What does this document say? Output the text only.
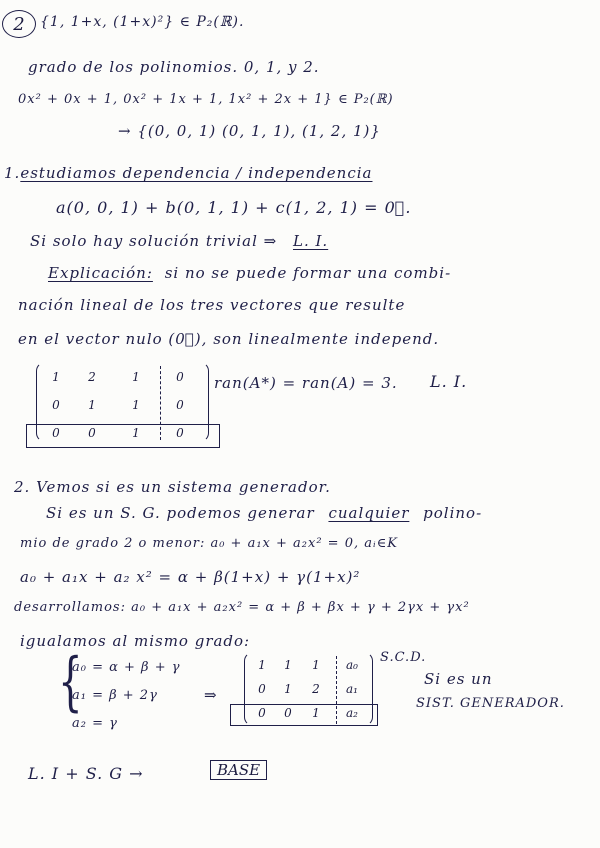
2	{1, 1+x, (1+x)²} ∈ P₂(ℝ).
grado de los polinomios. 0, 1, y 2.
0x² + 0x + 1, 0x² + 1x + 1, 1x² + 2x + 1} ∈ P₂(ℝ)
→ {(0, 0, 1) (0, 1, 1), (1, 2, 1)}
1.estudiamos dependencia / independencia
a(0, 0, 1) + b(0, 1, 1) + c(1, 2, 1) = 0⃗.
Si solo hay solución trivial ⇒ L. I.
Explicación: si no se puede formar una combi-
nación lineal de los tres vectores que resulte
en el vector nulo (0⃗), son linealmente independ.
1	2	1	0
0	1	1	0
0	0	1	0
ran(A*) = ran(A) = 3. L. I.
2. Vemos si es un sistema generador.
Si es un S. G. podemos generar cualquier polino-
mio de grado 2 o menor: a₀ + a₁x + a₂x² = 0, aᵢ∈K
a₀ + a₁x + a₂ x² = α + β(1+x) + γ(1+x)²
desarrollamos: a₀ + a₁x + a₂x² = α + β + βx + γ + 2γx + γx²
igualamos al mismo grado:
{
a₀ = α + β + γ
a₁ = β + 2γ
a₂ = γ
⇒
1	1	1	a₀
0	1	2	a₁
0	0	1	a₂
S.C.D.
Si es un
SIST. GENERADOR.
L. I + S. G →	BASE
